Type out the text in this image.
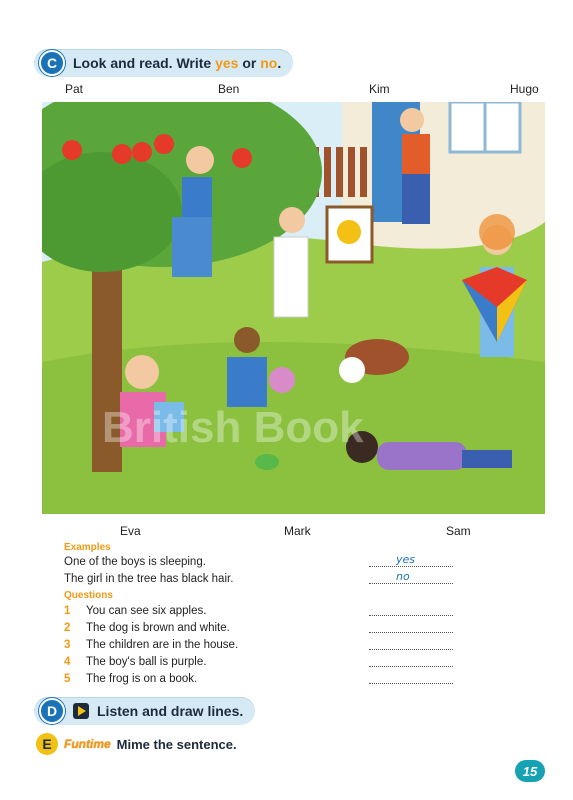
C	Look and read. Write yes or no.
Pat	Ben	Kim	Hugo
British Book
Eva	Mark	Sam
Examples
One of the boys is sleeping.	yes
The girl in the tree has black hair.	no
Questions
1	You can see six apples.
2	The dog is brown and white.
3	The children are in the house.
4	The boy's ball is purple.
5	The frog is on a book.
D	Listen and draw lines.
E	Funtime Mime the sentence.
15
